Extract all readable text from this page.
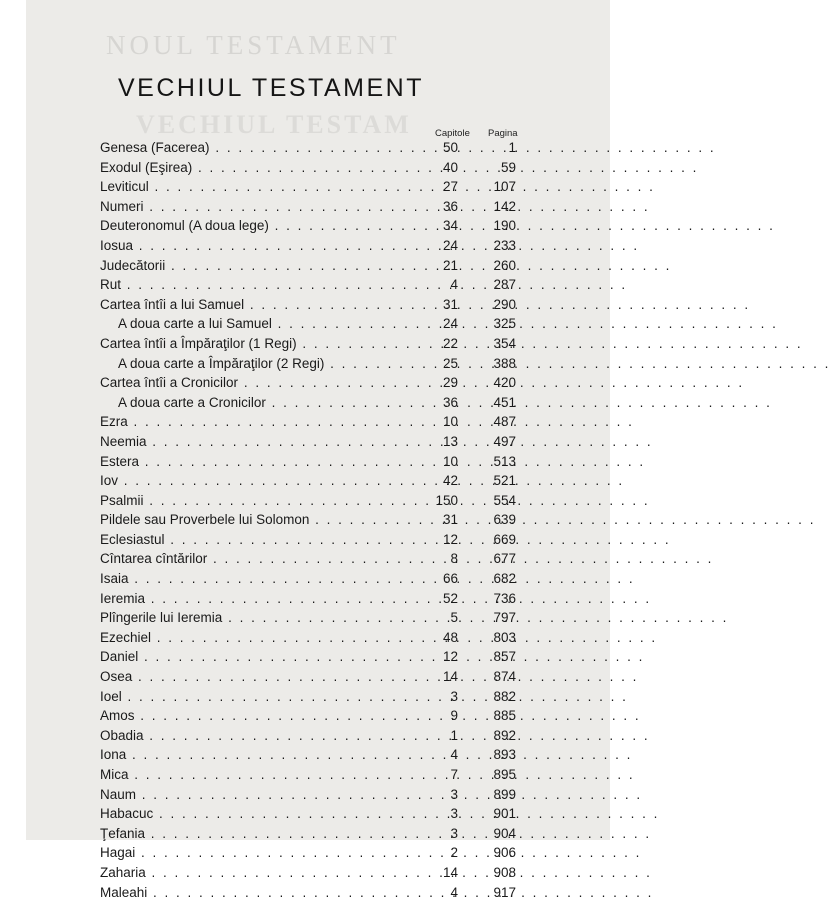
NOUL TESTAMENT
VECHIUL TESTAM
VECHIUL TESTAMENT
Capitole Pagina
Genesa (Facerea) . . .	50	1
Exodul (Eşirea) . . .	40	59
Leviticul . . .	27	107
Numeri . . .	36	142
Deuteronomul (A doua lege) . . .	34	190
Iosua . . .	24	233
Judecătorii . . .	21	260
Rut . . .	4	287
Cartea întîi a lui Samuel . . .	31	290
A doua carte a lui Samuel . . .	24	325
Cartea întîi a Împăraţilor (1 Regi) . . .	22	354
A doua carte a Împăraţilor (2 Regi) . . .	25	388
Cartea întîi a Cronicilor . . .	29	420
A doua carte a Cronicilor . . .	36	451
Ezra . . .	10	487
Neemia . . .	13	497
Estera . . .	10	513
Iov . . .	42	521
Psalmii . . .	150	554
Pildele sau Proverbele lui Solomon . . .	31	639
Eclesiastul . . .	12	669
Cîntarea cîntărilor . . .	8	677
Isaia . . .	66	682
Ieremia . . .	52	736
Plîngerile lui Ieremia . . .	5	797
Ezechiel . . .	48	803
Daniel . . .	12	857
Osea . . .	14	874
Ioel . . .	3	882
Amos . . .	9	885
Obadia . . .	1	892
Iona . . .	4	893
Mica . . .	7	895
Naum . . .	3	899
Habacuc . . .	3	901
Ţefania . . .	3	904
Hagai . . .	2	906
Zaharia . . .	14	908
Maleahi . . .	4	917
